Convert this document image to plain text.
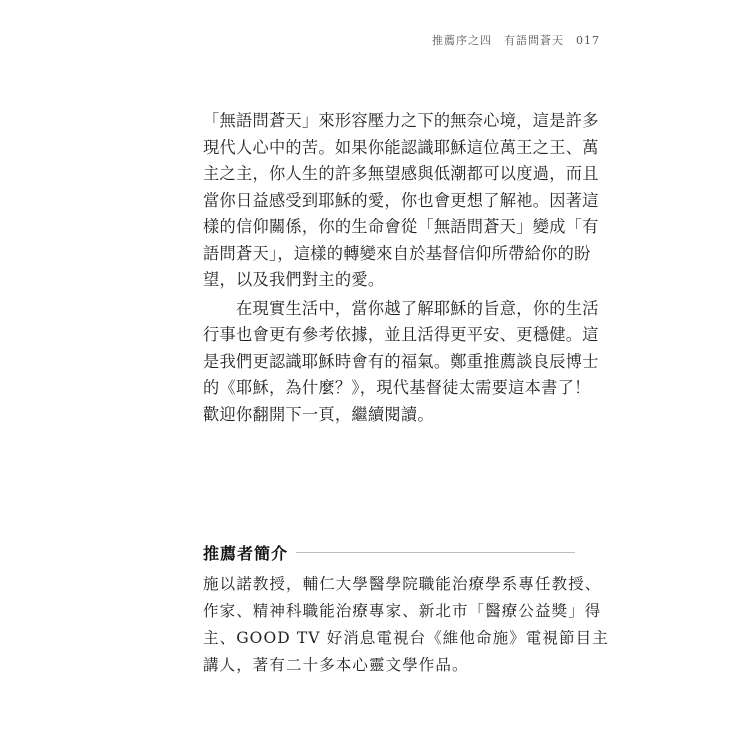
推薦序之四　有語問蒼天 017

「無語問蒼天」來形容壓力之下的無奈心境，這是許多
現代人心中的苦。如果你能認識耶穌這位萬王之王、萬
主之主，你人生的許多無望感與低潮都可以度過，而且
當你日益感受到耶穌的愛，你也會更想了解祂。因著這
樣的信仰關係，你的生命會從「無語問蒼天」變成「有
語問蒼天」，這樣的轉變來自於基督信仰所帶給你的盼
望，以及我們對主的愛。

　　在現實生活中，當你越了解耶穌的旨意，你的生活
行事也會更有參考依據，並且活得更平安、更穩健。這
是我們更認識耶穌時會有的福氣。鄭重推薦談良辰博士
的《耶穌，為什麼？》，現代基督徒太需要這本書了！
歡迎你翻開下一頁，繼續閱讀。

推薦者簡介

施以諾教授，輔仁大學醫學院職能治療學系專任教授、
作家、精神科職能治療專家、新北市「醫療公益獎」得
主、GOOD TV 好消息電視台《維他命施》電視節目主
講人，著有二十多本心靈文學作品。
